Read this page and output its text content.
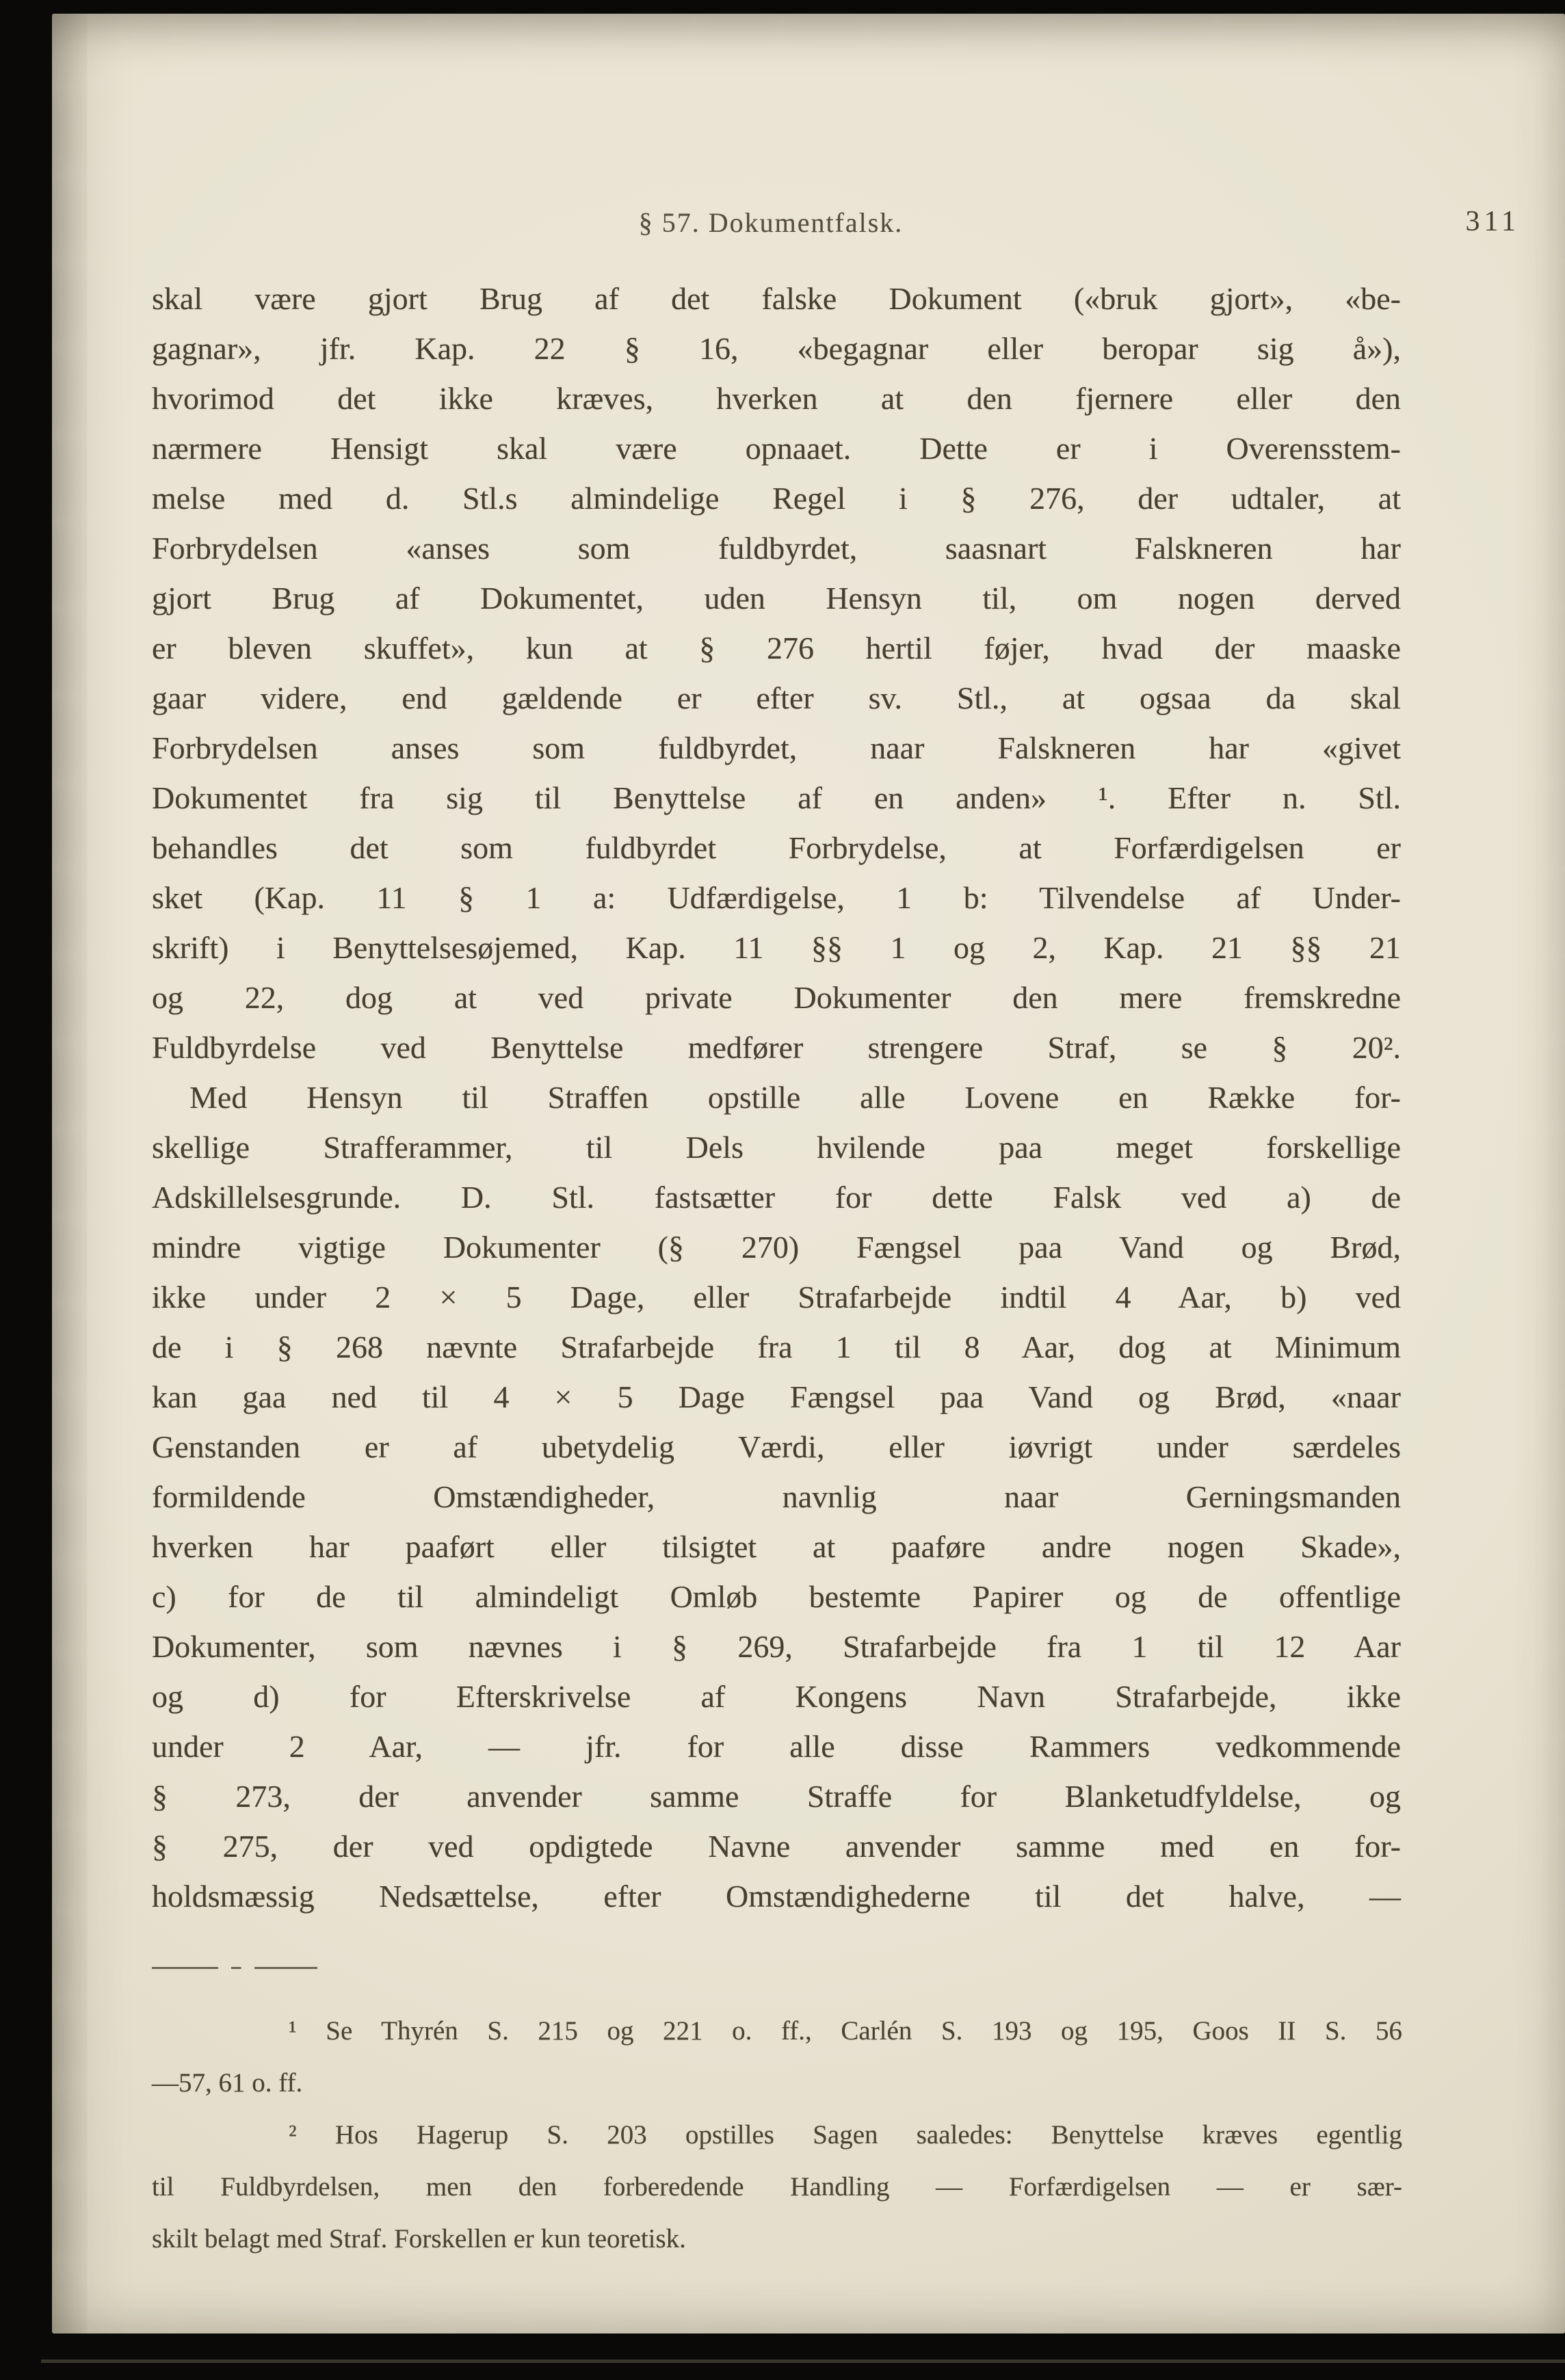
§ 57. Dokumentfalsk.	311
skal være gjort Brug af det falske Dokument («bruk gjort», «be-
gagnar», jfr. Kap. 22 § 16, «begagnar eller beropar sig å»),
hvorimod det ikke kræves, hverken at den fjernere eller den
nærmere Hensigt skal være opnaaet. Dette er i Overensstem-
melse med d. Stl.s almindelige Regel i § 276, der udtaler, at
Forbrydelsen «anses som fuldbyrdet, saasnart Falskneren har
gjort Brug af Dokumentet, uden Hensyn til, om nogen derved
er bleven skuffet», kun at § 276 hertil føjer, hvad der maaske
gaar videre, end gældende er efter sv. Stl., at ogsaa da skal
Forbrydelsen anses som fuldbyrdet, naar Falskneren har «givet
Dokumentet fra sig til Benyttelse af en anden» ¹. Efter n. Stl.
behandles det som fuldbyrdet Forbrydelse, at Forfærdigelsen er
sket (Kap. 11 § 1 a: Udfærdigelse, 1 b: Tilvendelse af Under-
skrift) i Benyttelsesøjemed, Kap. 11 §§ 1 og 2, Kap. 21 §§ 21
og 22, dog at ved private Dokumenter den mere fremskredne
Fuldbyrdelse ved Benyttelse medfører strengere Straf, se § 20².
Med Hensyn til Straffen opstille alle Lovene en Række for-
skellige Strafferammer, til Dels hvilende paa meget forskellige
Adskillelsesgrunde. D. Stl. fastsætter for dette Falsk ved a) de
mindre vigtige Dokumenter (§ 270) Fængsel paa Vand og Brød,
ikke under 2 × 5 Dage, eller Strafarbejde indtil 4 Aar, b) ved
de i § 268 nævnte Strafarbejde fra 1 til 8 Aar, dog at Minimum
kan gaa ned til 4 × 5 Dage Fængsel paa Vand og Brød, «naar
Genstanden er af ubetydelig Værdi, eller iøvrigt under særdeles
formildende Omstændigheder, navnlig naar Gerningsmanden
hverken har paaført eller tilsigtet at paaføre andre nogen Skade»,
c) for de til almindeligt Omløb bestemte Papirer og de offentlige
Dokumenter, som nævnes i § 269, Strafarbejde fra 1 til 12 Aar
og d) for Efterskrivelse af Kongens Navn Strafarbejde, ikke
under 2 Aar, — jfr. for alle disse Rammers vedkommende
§ 273, der anvender samme Straffe for Blanketudfyldelse, og
§ 275, der ved opdigtede Navne anvender samme med en for-
holdsmæssig Nedsættelse, efter Omstændighederne til det halve, —
¹ Se Thyrén S. 215 og 221 o. ff., Carlén S. 193 og 195, Goos II S. 56
—57, 61 o. ff.
² Hos Hagerup S. 203 opstilles Sagen saaledes: Benyttelse kræves egentlig
til Fuldbyrdelsen, men den forberedende Handling — Forfærdigelsen — er sær-
skilt belagt med Straf. Forskellen er kun teoretisk.
